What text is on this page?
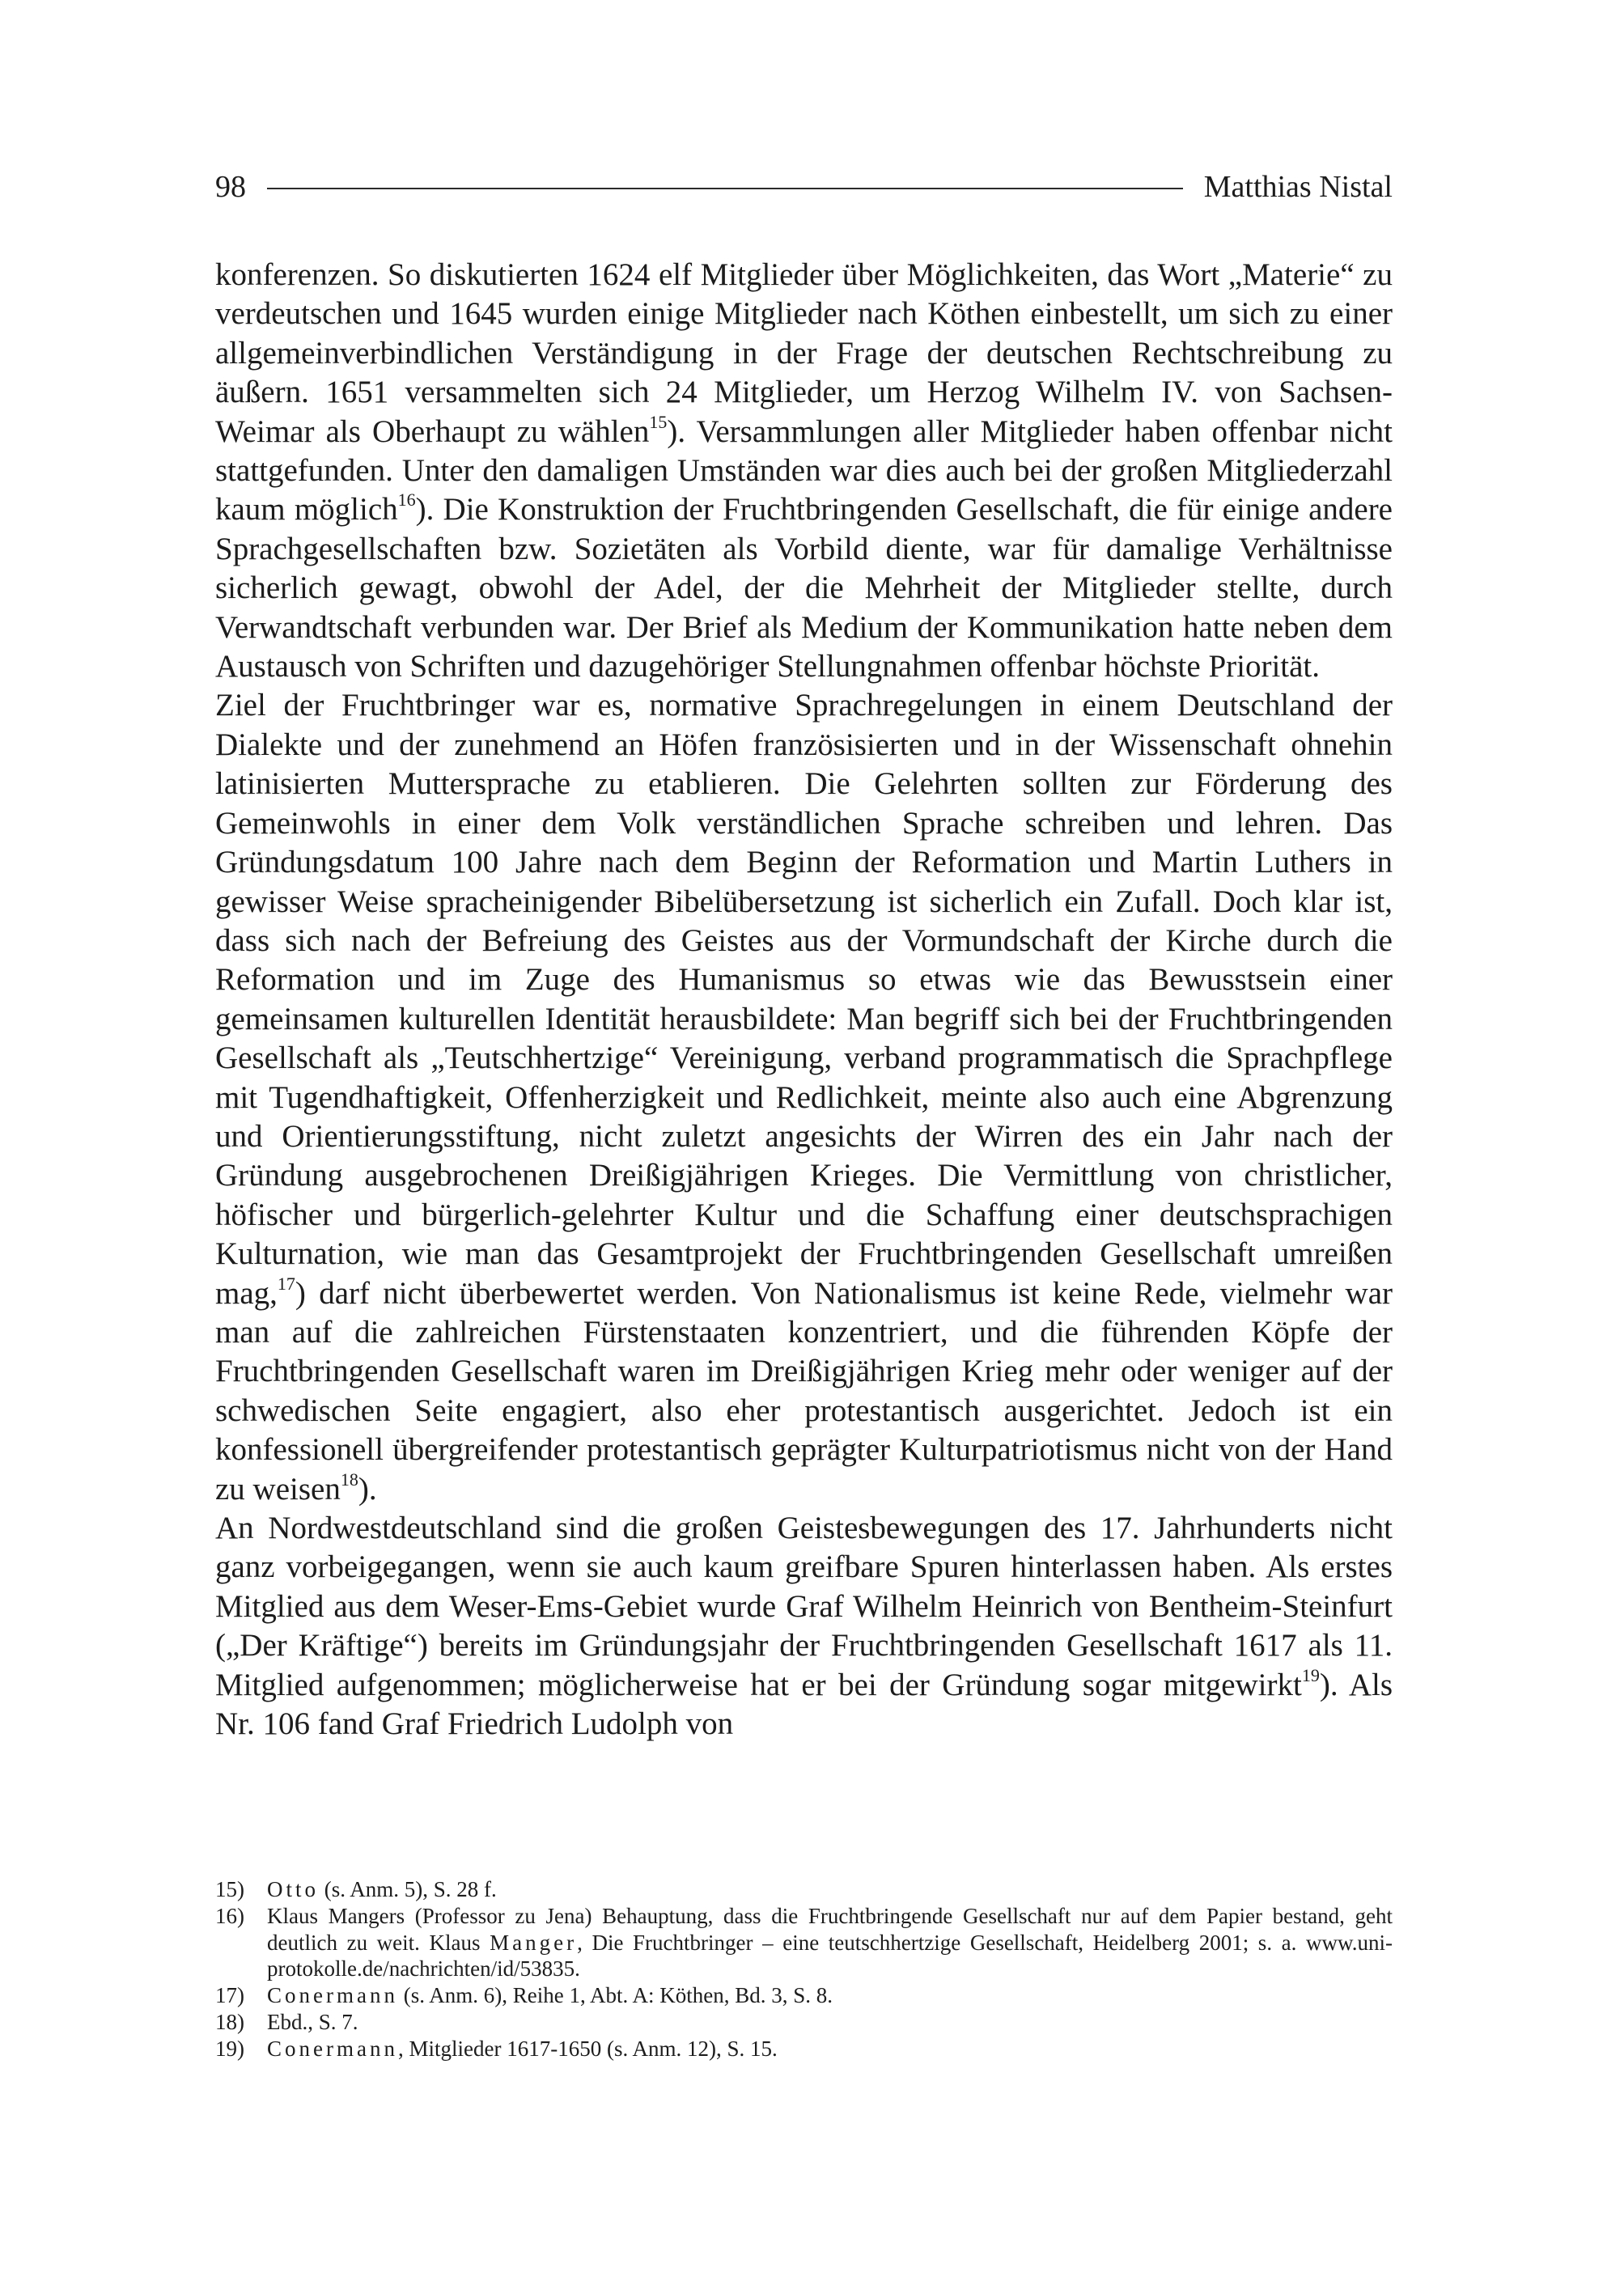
98	Matthias Nistal

konferenzen. So diskutierten 1624 elf Mitglieder über Möglichkeiten, das Wort „Materie“ zu verdeutschen und 1645 wurden einige Mitglieder nach Köthen einbestellt, um sich zu einer allgemeinverbindlichen Verständigung in der Frage der deutschen Rechtschreibung zu äußern. 1651 versammelten sich 24 Mitglieder, um Herzog Wilhelm IV. von Sachsen-Weimar als Oberhaupt zu wählen$^{15}$). Versammlungen aller Mitglieder haben offenbar nicht stattgefunden. Unter den damaligen Umständen war dies auch bei der großen Mitgliederzahl kaum möglich$^{16}$). Die Konstruktion der Fruchtbringenden Gesellschaft, die für einige andere Sprachgesellschaften bzw. Sozietäten als Vorbild diente, war für damalige Verhältnisse sicherlich gewagt, obwohl der Adel, der die Mehrheit der Mitglieder stellte, durch Verwandtschaft verbunden war. Der Brief als Medium der Kommunikation hatte neben dem Austausch von Schriften und dazugehöriger Stellungnahmen offenbar höchste Priorität.

Ziel der Fruchtbringer war es, normative Sprachregelungen in einem Deutschland der Dialekte und der zunehmend an Höfen französisierten und in der Wissenschaft ohnehin latinisierten Muttersprache zu etablieren. Die Gelehrten sollten zur Förderung des Gemeinwohls in einer dem Volk verständlichen Sprache schreiben und lehren. Das Gründungsdatum 100 Jahre nach dem Beginn der Reformation und Martin Luthers in gewisser Weise spracheinigender Bibelübersetzung ist sicherlich ein Zufall. Doch klar ist, dass sich nach der Befreiung des Geistes aus der Vormundschaft der Kirche durch die Reformation und im Zuge des Humanismus so etwas wie das Bewusstsein einer gemeinsamen kulturellen Identität herausbildete: Man begriff sich bei der Fruchtbringenden Gesellschaft als „Teutschhertzige“ Vereinigung, verband programmatisch die Sprachpflege mit Tugendhaftigkeit, Offenherzigkeit und Redlichkeit, meinte also auch eine Abgrenzung und Orientierungsstiftung, nicht zuletzt angesichts der Wirren des ein Jahr nach der Gründung ausgebrochenen Dreißigjährigen Krieges. Die Vermittlung von christlicher, höfischer und bürgerlich-gelehrter Kultur und die Schaffung einer deutschsprachigen Kulturnation, wie man das Gesamtprojekt der Fruchtbringenden Gesellschaft umreißen mag,$^{17}$) darf nicht überbewertet werden. Von Nationalismus ist keine Rede, vielmehr war man auf die zahlreichen Fürstenstaaten konzentriert, und die führenden Köpfe der Fruchtbringenden Gesellschaft waren im Dreißigjährigen Krieg mehr oder weniger auf der schwedischen Seite engagiert, also eher protestantisch ausgerichtet. Jedoch ist ein konfessionell übergreifender protestantisch geprägter Kulturpatriotismus nicht von der Hand zu weisen$^{18}$).

An Nordwestdeutschland sind die großen Geistesbewegungen des 17. Jahrhunderts nicht ganz vorbeigegangen, wenn sie auch kaum greifbare Spuren hinterlassen haben. Als erstes Mitglied aus dem Weser-Ems-Gebiet wurde Graf Wilhelm Heinrich von Bentheim-Steinfurt („Der Kräftige“) bereits im Gründungsjahr der Fruchtbringenden Gesellschaft 1617 als 11. Mitglied aufgenommen; möglicherweise hat er bei der Gründung sogar mitgewirkt$^{19}$). Als Nr. 106 fand Graf Friedrich Ludolph von

15)	Otto (s. Anm. 5), S. 28 f.
16)	Klaus Mangers (Professor zu Jena) Behauptung, dass die Fruchtbringende Gesellschaft nur auf dem Papier bestand, geht deutlich zu weit. Klaus Manger, Die Fruchtbringer – eine teutschhertzige Gesellschaft, Heidelberg 2001; s. a. www.uni-protokolle.de/nachrichten/id/53835.
17)	Conermann (s. Anm. 6), Reihe 1, Abt. A: Köthen, Bd. 3, S. 8.
18)	Ebd., S. 7.
19)	Conermann, Mitglieder 1617-1650 (s. Anm. 12), S. 15.
